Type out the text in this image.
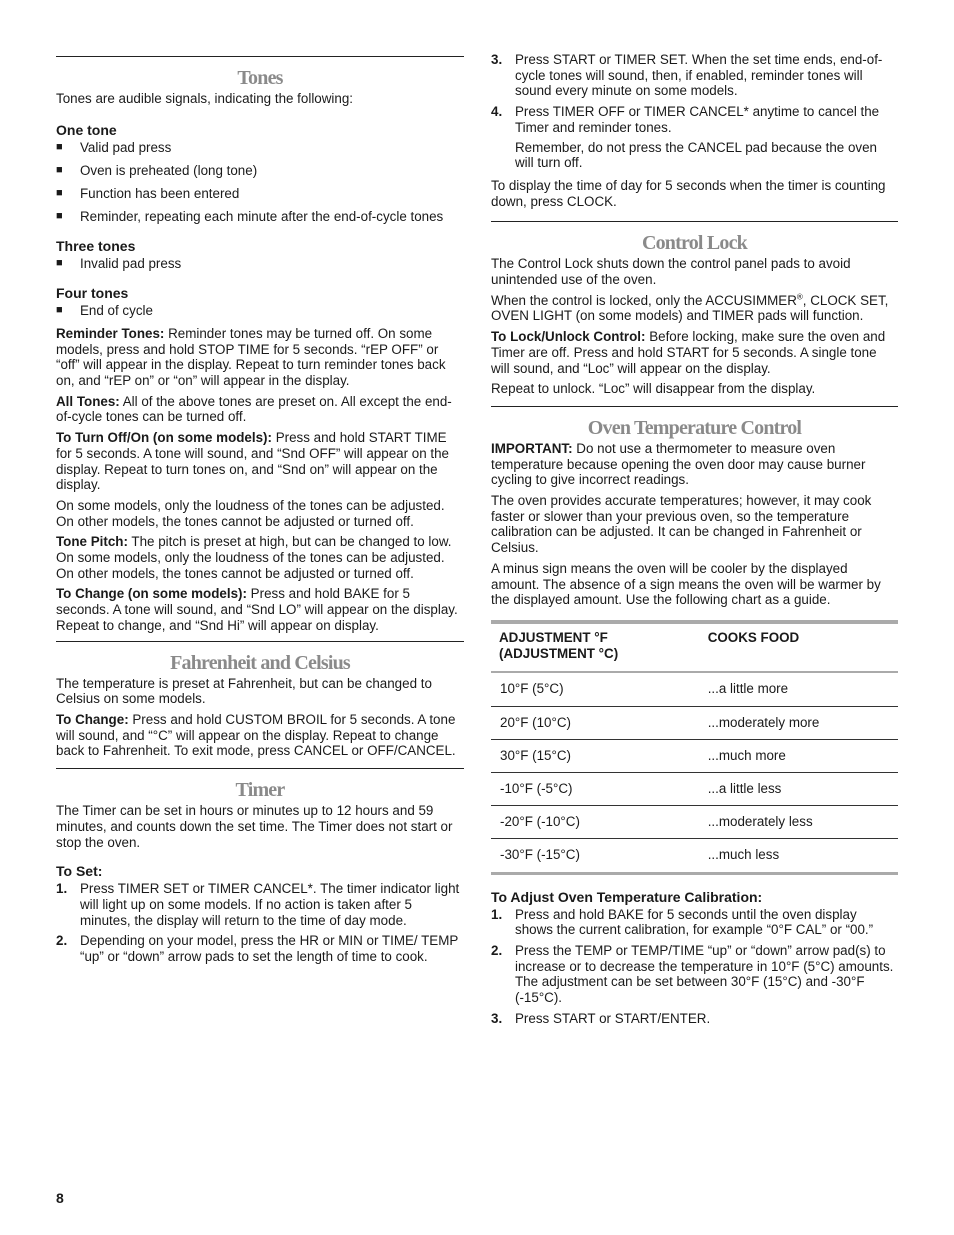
Tones

Tones are audible signals, indicating the following:

One tone
■ Valid pad press
■ Oven is preheated (long tone)
■ Function has been entered
■ Reminder, repeating each minute after the end-of-cycle tones
Three tones
■ Invalid pad press
Four tones
■ End of cycle

Reminder Tones: Reminder tones may be turned off. On some models, press and hold STOP TIME for 5 seconds. “rEP OFF” or “off” will appear in the display. Repeat to turn reminder tones back on, and “rEP on” or “on” will appear in the display.

All Tones: All of the above tones are preset on. All except the end-of-cycle tones can be turned off.

To Turn Off/On (on some models): Press and hold START TIME for 5 seconds. A tone will sound, and “Snd OFF” will appear on the display. Repeat to turn tones on, and “Snd on” will appear on the display.

On some models, only the loudness of the tones can be adjusted. On other models, the tones cannot be adjusted or turned off.

Tone Pitch: The pitch is preset at high, but can be changed to low. On some models, only the loudness of the tones can be adjusted. On other models, the tones cannot be adjusted or turned off.

To Change (on some models): Press and hold BAKE for 5 seconds. A tone will sound, and “Snd LO” will appear on the display. Repeat to change, and “Snd Hi” will appear on display.

Fahrenheit and Celsius

The temperature is preset at Fahrenheit, but can be changed to Celsius on some models.

To Change: Press and hold CUSTOM BROIL for 5 seconds. A tone will sound, and “°C” will appear on the display. Repeat to change back to Fahrenheit. To exit mode, press CANCEL or OFF/CANCEL.

Timer

The Timer can be set in hours or minutes up to 12 hours and 59 minutes, and counts down the set time. The Timer does not start or stop the oven.

To Set:
1. Press TIMER SET or TIMER CANCEL*. The timer indicator light will light up on some models. If no action is taken after 5 minutes, the display will return to the time of day mode.
2. Depending on your model, press the HR or MIN or TIME/ TEMP “up” or “down” arrow pads to set the length of time to cook.
3. Press START or TIMER SET. When the set time ends, end-of-cycle tones will sound, then, if enabled, reminder tones will sound every minute on some models.
4. Press TIMER OFF or TIMER CANCEL* anytime to cancel the Timer and reminder tones.

Remember, do not press the CANCEL pad because the oven will turn off.

To display the time of day for 5 seconds when the timer is counting down, press CLOCK.

Control Lock

The Control Lock shuts down the control panel pads to avoid unintended use of the oven.

When the control is locked, only the ACCUSIMMER®, CLOCK SET, OVEN LIGHT (on some models) and TIMER pads will function.

To Lock/Unlock Control: Before locking, make sure the oven and Timer are off. Press and hold START for 5 seconds. A single tone will sound, and “Loc” will appear on the display.

Repeat to unlock. “Loc” will disappear from the display.

Oven Temperature Control

IMPORTANT: Do not use a thermometer to measure oven temperature because opening the oven door may cause burner cycling to give incorrect readings.

The oven provides accurate temperatures; however, it may cook faster or slower than your previous oven, so the temperature calibration can be adjusted. It can be changed in Fahrenheit or Celsius.

A minus sign means the oven will be cooler by the displayed amount. The absence of a sign means the oven will be warmer by the displayed amount. Use the following chart as a guide.

ADJUSTMENT °F
(ADJUSTMENT °C)	COOKS FOOD
10°F (5°C)	...a little more
20°F (10°C)	...moderately more
30°F (15°C)	...much more
-10°F (-5°C)	...a little less
-20°F (-10°C)	...moderately less
-30°F (-15°C)	...much less
To Adjust Oven Temperature Calibration:
1. Press and hold BAKE for 5 seconds until the oven display shows the current calibration, for example “0°F CAL” or “00.”
2. Press the TEMP or TEMP/TIME “up” or “down” arrow pad(s) to increase or to decrease the temperature in 10°F (5°C) amounts. The adjustment can be set between 30°F (15°C) and -30°F (-15°C).
3. Press START or START/ENTER.
8
